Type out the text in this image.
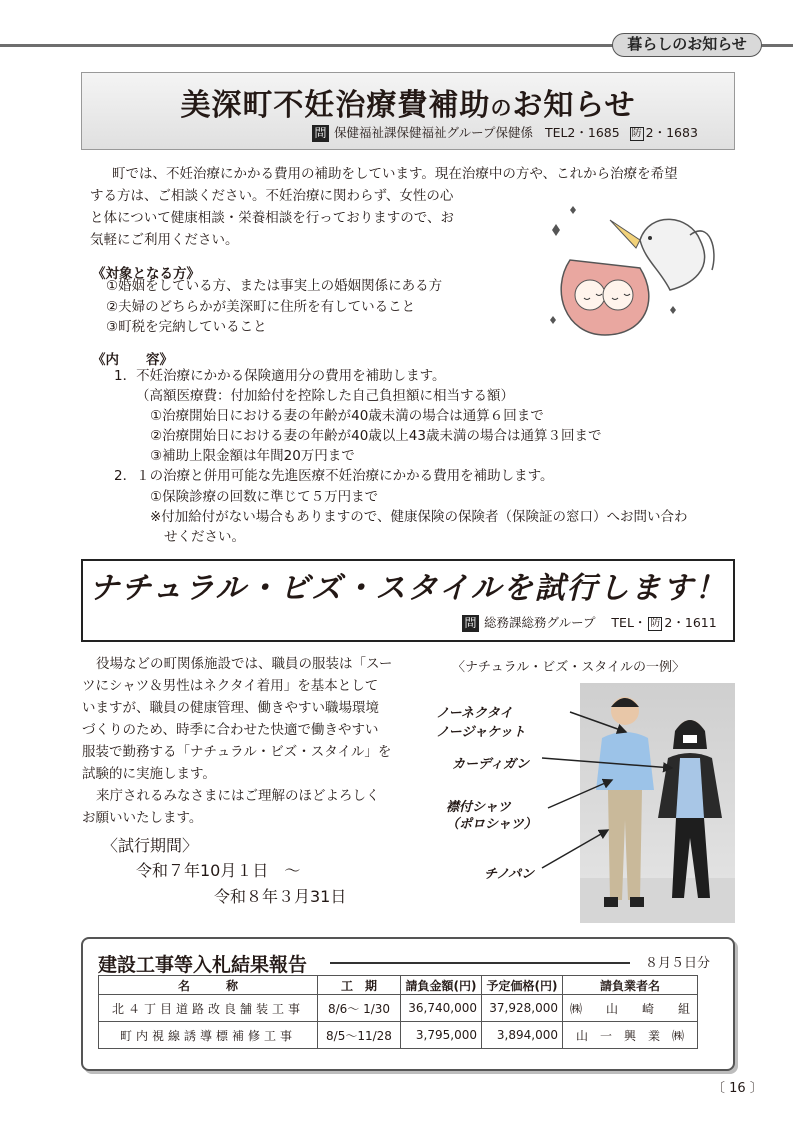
暮らしのお知らせ
美深町不妊治療費補助のお知らせ
問 保健福祉課保健福祉グループ保健係 TEL2・1685 防 2・1683
町では、不妊治療にかかる費用の補助をしています。現在治療中の方や、これから治療を希望
する方は、ご相談ください。不妊治療に関わらず、女性の心
と体について健康相談・栄養相談を行っておりますので、お
気軽にご利用ください。
《対象となる方》
①婚姻をしている方、または事実上の婚姻関係にある方
②夫婦のどちらかが美深町に住所を有していること
③町税を完納していること
《内　　容》
1．不妊治療にかかる保険適用分の費用を補助します。
（高額医療費：付加給付を控除した自己負担額に相当する額）
①治療開始日における妻の年齢が40歳未満の場合は通算６回まで
②治療開始日における妻の年齢が40歳以上43歳未満の場合は通算３回まで
③補助上限金額は年間20万円まで
2．１の治療と併用可能な先進医療不妊治療にかかる費用を補助します。
①保険診療の回数に準じて５万円まで
※付加給付がない場合もありますので、健康保険の保険者（保険証の窓口）へお問い合わ
せください。
ナチュラル・ビズ・スタイルを試行します！
問 総務課総務グループ TEL・ 防 2・1611
役場などの町関係施設では、職員の服装は「スー
ツにシャツ＆男性はネクタイ着用」を基本として
いますが、職員の健康管理、働きやすい職場環境
づくりのため、時季に合わせた快適で働きやすい
服装で勤務する「ナチュラル・ビズ・スタイル」を
試験的に実施します。
来庁されるみなさまにはご理解のほどよろしく
お願いいたします。
〈試行期間〉
令和７年10月１日　～
令和８年３月31日
〈ナチュラル・ビズ・スタイルの一例〉
ノーネクタイ
ノージャケット
カーディガン
襟付シャツ
（ポロシャツ）
チノパン
建設工事等入札結果報告	８月５日分
名　　　称	工　期	請負金額(円)	予定価格(円)	請負業者名
北４丁目道路改良舗装工事	8/6～ 1/30	36,740,000	37,928,000	㈱　　山　　崎　　組
町内視線誘導標補修工事	8/5～11/28	3,795,000	3,894,000	山　一　興　業　㈱
〔 16 〕
